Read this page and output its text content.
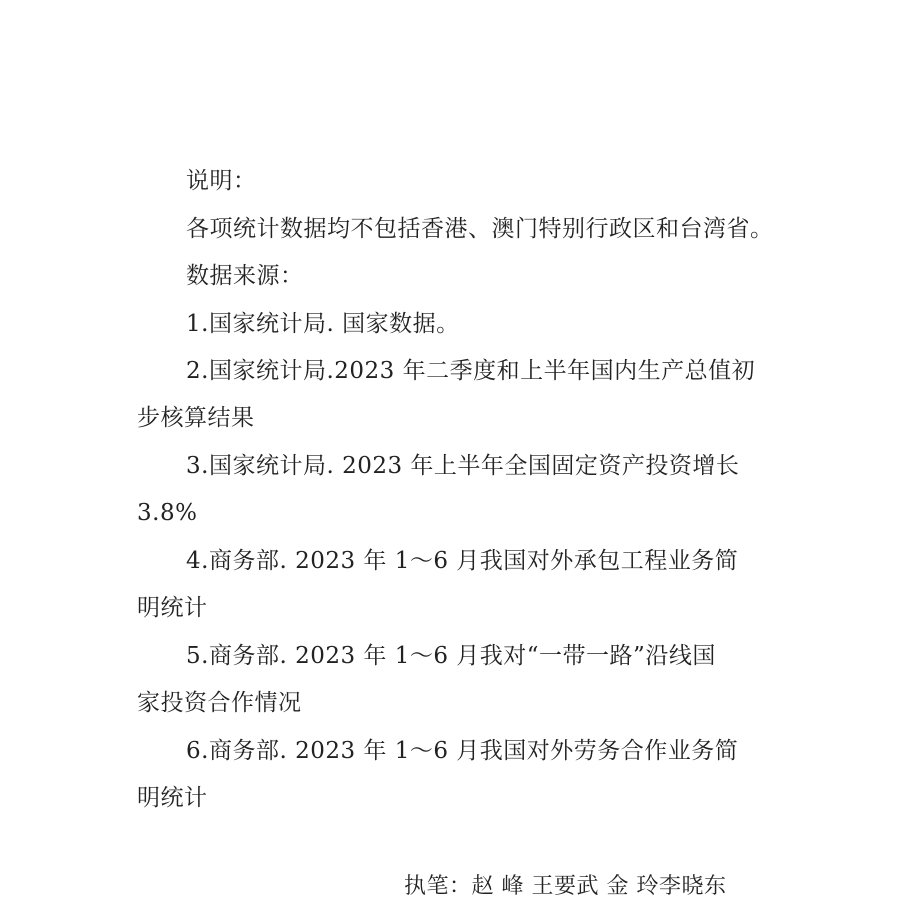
说明：
各项统计数据均不包括香港、澳门特别行政区和台湾省。
数据来源：
1.国家统计局. 国家数据。
2.国家统计局.2023 年二季度和上半年国内生产总值初
步核算结果
3.国家统计局. 2023 年上半年全国固定资产投资增长
3.8%
4.商务部. 2023 年 1～6 月我国对外承包工程业务简
明统计
5.商务部. 2023 年 1～6 月我对“一带一路”沿线国
家投资合作情况
6.商务部. 2023 年 1～6 月我国对外劳务合作业务简
明统计
执笔：赵 峰 王要武 金 玲李晓东
